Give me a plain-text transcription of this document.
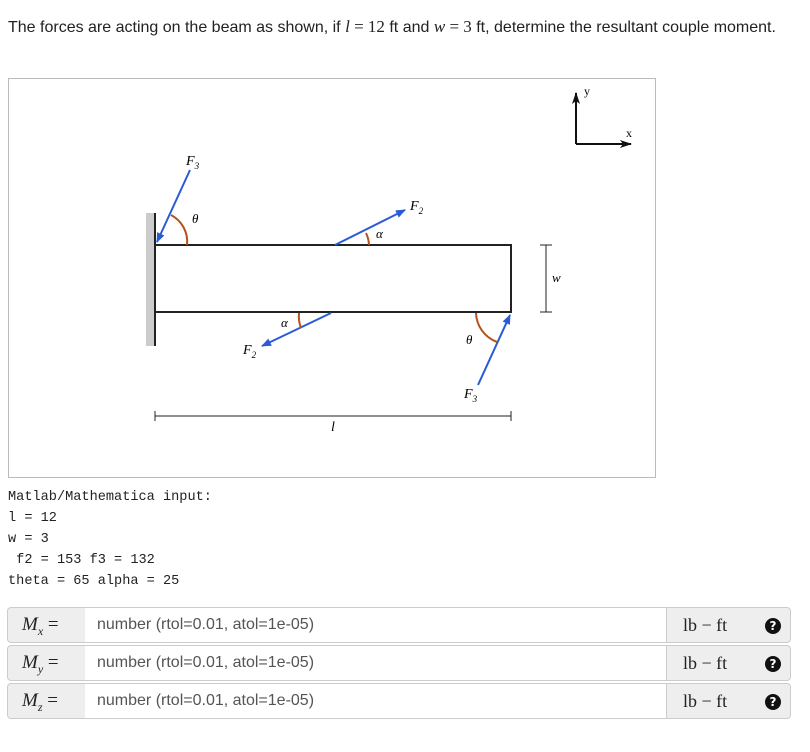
The forces are acting on the beam as shown, if l = 12 ft and w = 3 ft, determine the resultant couple moment.
y
x
$F_3$
θ
$F_2$
α
α
$F_2$
θ
$F_3$
w
l
Matlab/Mathematica input:
l = 12
w = 3
f2 = 153 f3 = 132
theta = 65 alpha = 25
$M_x$ =	number (rtol=0.01, atol=1e-05)	lb − ft	?
$M_y$ =	number (rtol=0.01, atol=1e-05)	lb − ft	?
$M_z$ =	number (rtol=0.01, atol=1e-05)	lb − ft	?
